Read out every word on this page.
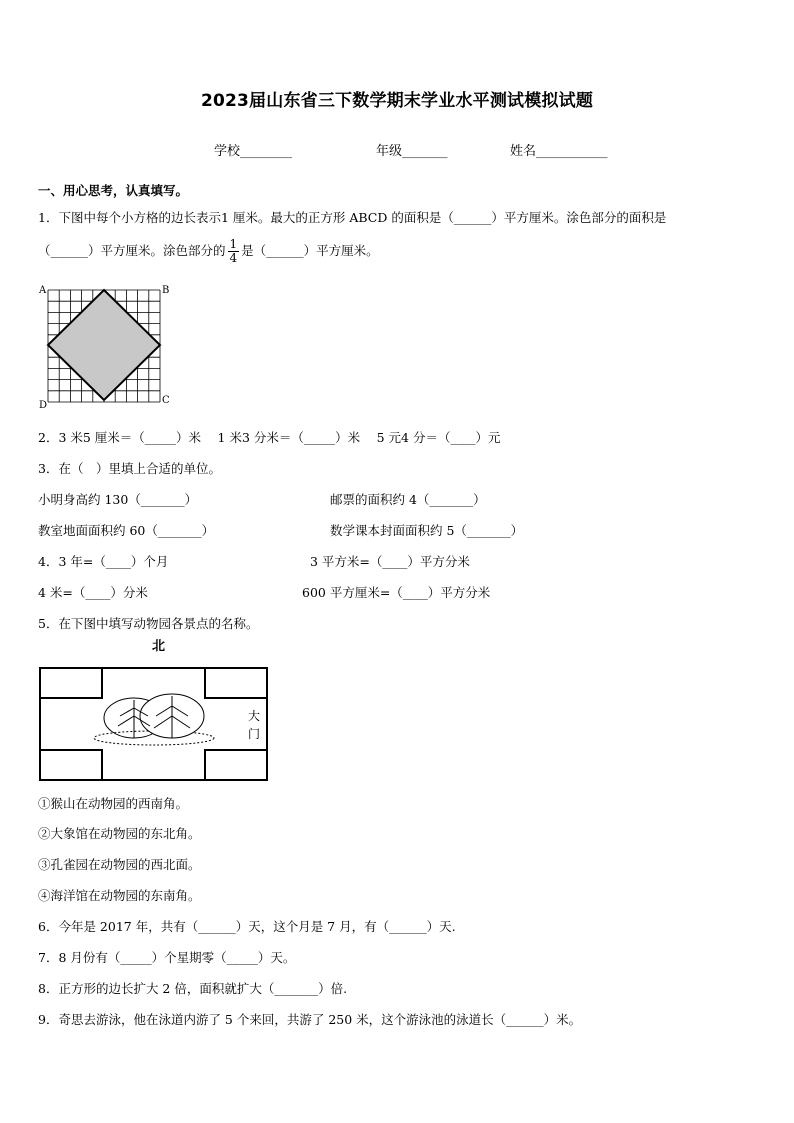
2023届山东省三下数学期末学业水平测试模拟试题
学校________	年级_______	姓名___________
一、用心思考，认真填写。
1．下图中每个小方格的边长表示1 厘米。最大的正方形 ABCD 的面积是（______）平方厘米。涂色部分的面积是
（______）平方厘米。涂色部分的 $\frac{1}{4}$ 是（______）平方厘米。
A	B
C
D
2．3 米5 厘米＝（_____）米　 1 米3 分米＝（_____）米　 5 元4 分＝（____）元
3．在（　）里填上合适的单位。
小明身高约 130（_______）	邮票的面积约 4（_______）
教室地面面积约 60（_______）	数学课本封面面积约 5（_______）
4．3 年=（____）个月	3 平方米=（____）平方分米
4 米=（____）分米	600 平方厘米=（____）平方分米
5．在下图中填写动物园各景点的名称。
北
大
门
①猴山在动物园的西南角。
②大象馆在动物园的东北角。
③孔雀园在动物园的西北面。
④海洋馆在动物园的东南角。
6．今年是 2017 年，共有（______）天，这个月是 7 月，有（______）天.
7．8 月份有（_____）个星期零（_____）天。
8．正方形的边长扩大 2 倍，面积就扩大（_______）倍.
9．奇思去游泳，他在泳道内游了 5 个来回，共游了 250 米，这个游泳池的泳道长（______）米。
